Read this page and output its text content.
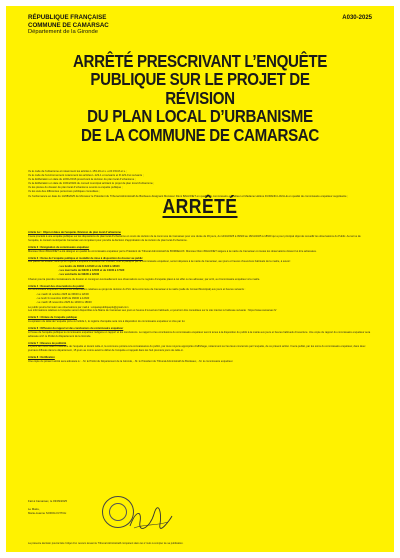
RÉPUBLIQUE FRANÇAISE
COMMUNE DE CAMARSAC
Département de la Gironde
A030-2025
ARRÊTÉ PRESCRIVANT L’ENQUÊTE
PUBLIQUE SUR LE PROJET DE RÉVISION
DU PLAN LOCAL D’URBANISME
DE LA COMMUNE DE CAMARSAC
Vu le code de l’urbanisme et notamment les articles L.153-19 et s. et R.153-8 et s. ;
Vu le code de l’environnement notamment les articles L.123-1 et suivants et R.123-9 et suivants ;
Vu la délibération en date du 22/01/2016 prescrivant la révision du plan local d’urbanisme ;
Vu la délibération en date du 16/04/2024 du conseil municipal arrêtant le projet de plan local d’urbanisme ;
Vu les pièces du dossier de plan local d’urbanisme soumis à enquête publique ;
Vu les avis des différentes personnes publiques consultées ;
Vu l’ordonnance en date du 14/08/2025 de Monsieur le Président du Tribunal Administratif de Bordeaux désignant Monsieur Rémi BAGONET en qualité de commissaire enquêteur et Madame Hélène DURAND-LAVILLE en qualité de commissaire enquêteur suppléante ;
ARRÊTÉ
Article 1er : Objet et dates de l’enquête. Révision du plan local d’urbanisme
Il sera procédé à une enquête publique sur les dispositions du plan local d’urbanisme en cours de révision de la commune de Camarsac pour une durée de 36 jours, du 14/10/2025 à 09h00 au 18/11/2025 à 18h00 qui a pour principal objet de recueillir les observations du Public. Au terme de l’enquête, le conseil municipal de Camarsac est compétent pour prendre la décision d’approbation de la révision du plan local d’urbanisme.
Article 2 : Désignation du commissaire enquêteur
Monsieur Rémi BAGONET a été désigné en qualité de commissaire enquêteur par le Président du Tribunal Administratif de BORDEAUX. Monsieur Rémi BAGONET siégera à la mairie de Camarsac où toutes les observations doivent lui être adressées.
Article 3 : Durée de l’enquête publique et modalité de mise à disposition du dossier au public
Les pièces du dossier, ainsi qu’un registre d’enquête à feuillets non mobiles, coté et paraphé par le commissaire enquêteur, seront déposés à la mairie de Camarsac, aux jours et heures d’ouverture habituels de la mairie, à savoir :
- Les lundis de 09h00 à 12h00 et de 14h00 à 18h00
- Les mercredis de 09h00 à 12h00 et de 14h00 à 17h00
- Les vendredis de 09h00 à 12h00
Chacun pourra prendre connaissance du dossier et consigner éventuellement ses observations sur le registre d’enquête placé à cet effet ou les adresser, par écrit, au Commissaire enquêteur à la mairie.
Article 4 : Recueil des observations du public
Le commissaire enquêteur recevra les observations relatives au projet de révision du PLU de la commune de Camarsac à la mairie (salle du Conseil Municipal) aux jours et heures suivants :
- Le mardi 14 octobre 2025 de 09h00 à 12h00
- Le lundi 3 novembre 2025 de 09h00 à 12h00
- Le mardi 18 novembre 2025 de 14h00 à 18h00
Le public pourra formuler ses observations par mail à : enquetepubliqueplu@gmail.com
Les informations relatives à l’enquête seront disponibles à la Mairie de Camarsac aux jours et heures d’ouverture habituels, et pourront être consultées sur le site internet à l’adresse suivante : https://www.camarsac.fr/
Article 5 : Clôture de l’enquête publique
A expiration du délai de l’enquête prévu à l’article 1, le registre d’enquête sera mis à disposition du commissaire enquêteur et clos par lui.
Article 6 : Diffusion du rapport et des conclusions du commissaire enquêteur
À l’issue de l’enquête publique le commissaire enquêteur rédigera un rapport et les conclusions. Le rapport et les conclusions du commissaire enquêteur seront tenus à la disposition du public à la mairie aux jours et heures habituels d’ouverture. Une copie du rapport du commissaire enquêteur sera adressée à M. le Préfet du Département de la Gironde.
Article 7 : Mesures de publicité
15 jours au moins avant l’ouverture de l’enquête et durant celle-ci, la commune portera à la connaissance du public, par tous moyens appropriés d’affichage, notamment sur les lieux concernés par l’enquête, de ce présent arrêté. Il sera publié, par les soins du commissaire enquêteur, dans deux journaux diffusés dans le département, 15 jours au moins avant le début de l’enquête et rappelé dans les huit premiers jours de celle-ci.
Article 8 : Notification
Une copie du présent arrêté sera adressée à : - M. le Préfet du Département de la Gironde, - M. le Président du Tribunal Administratif de Bordeaux, - M. le commissaire enquêteur.
Fait à Camarsac, le 03/09/2025
Le Maire,
Marie-Jeanne SOROLOVITCH
La présente décision pourra faire l’objet d’un recours devant le Tribunal Administratif compétent dans les 2 mois à compter de sa publication.
